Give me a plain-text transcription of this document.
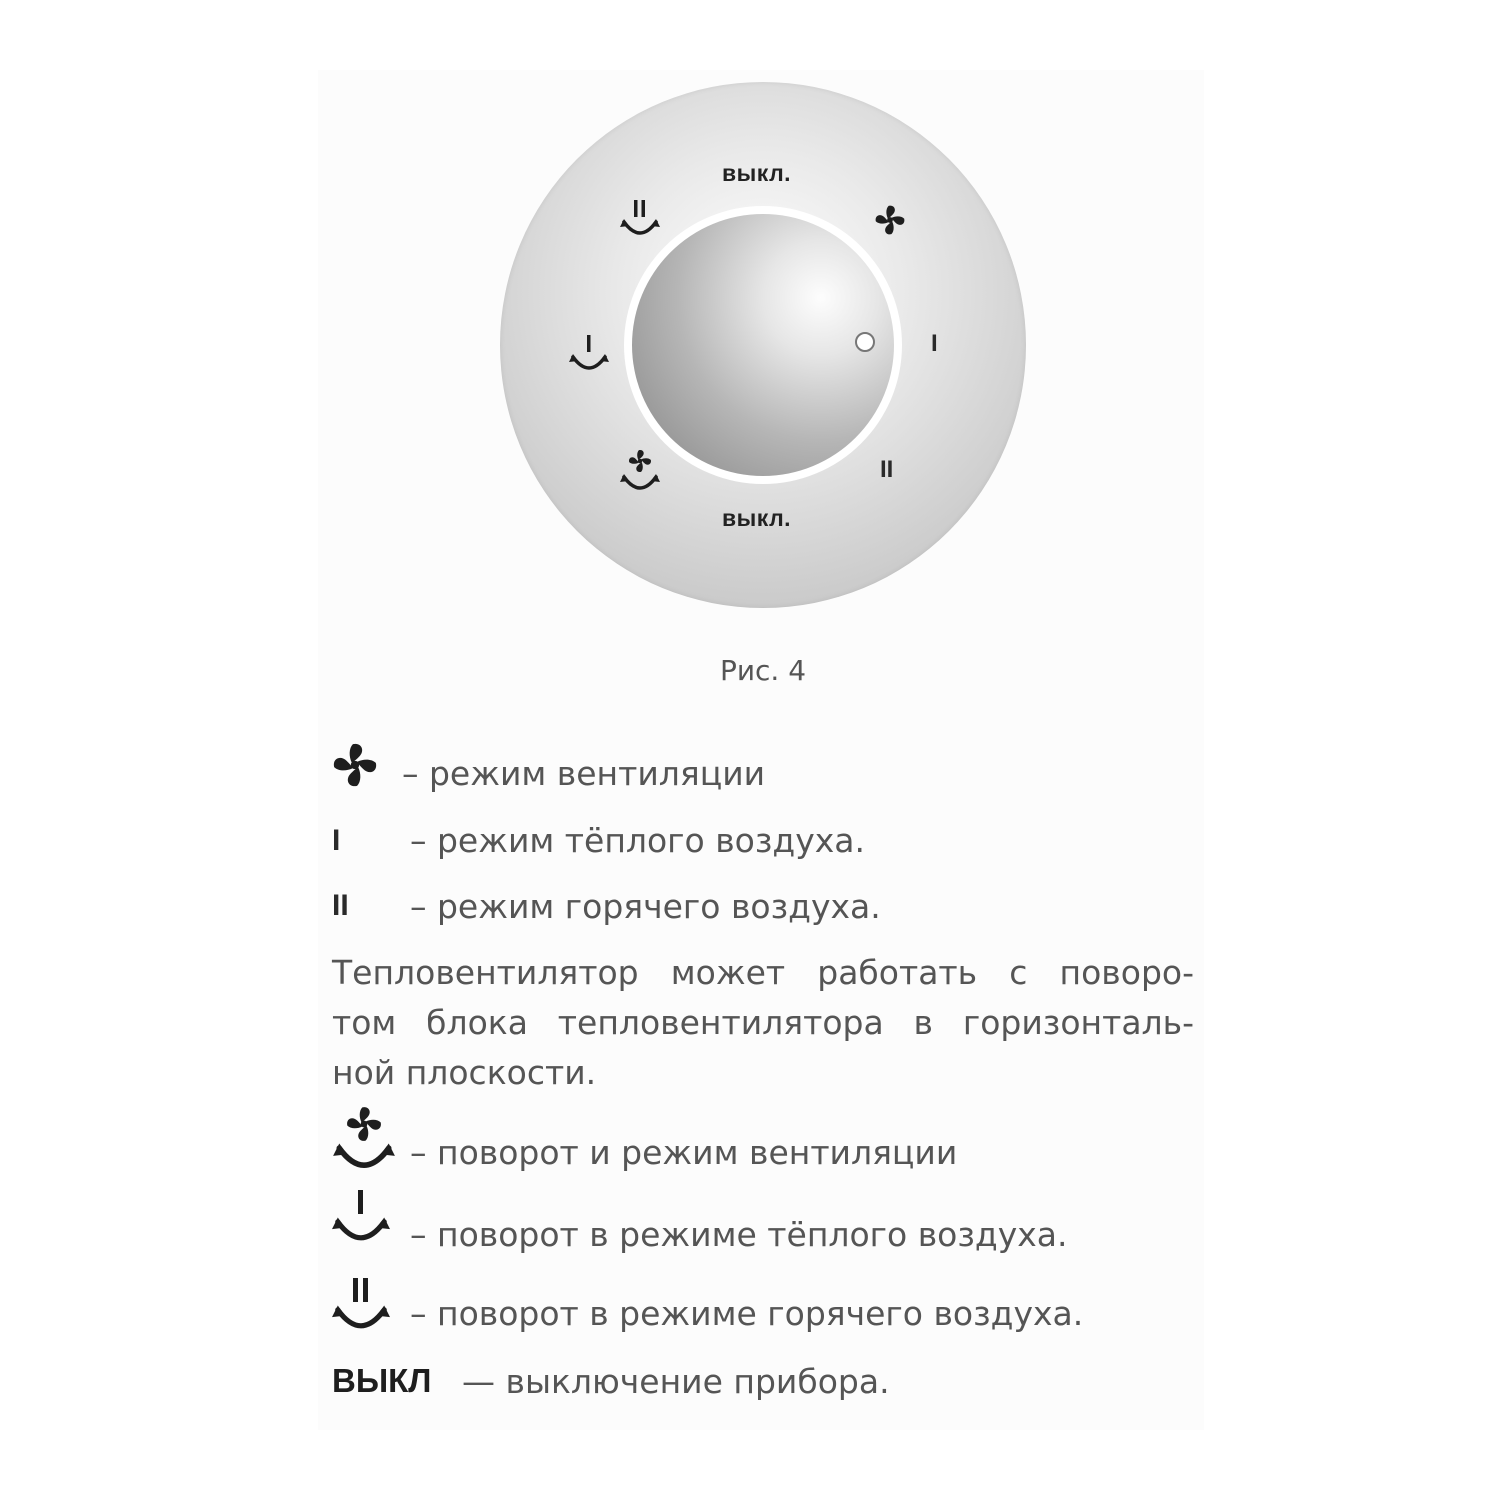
выкл.
выкл.
I
II
Рис. 4
– режим вентиляции
I – режим тёплого воздуха.
II – режим горячего воздуха.
Тепловентилятор может работать с поворо-
том блока тепловентилятора в горизонталь-
ной плоскости.
– поворот и режим вентиляции
– поворот в режиме тёплого воздуха.
– поворот в режиме горячего воздуха.
ВЫКЛ — выключение прибора.
